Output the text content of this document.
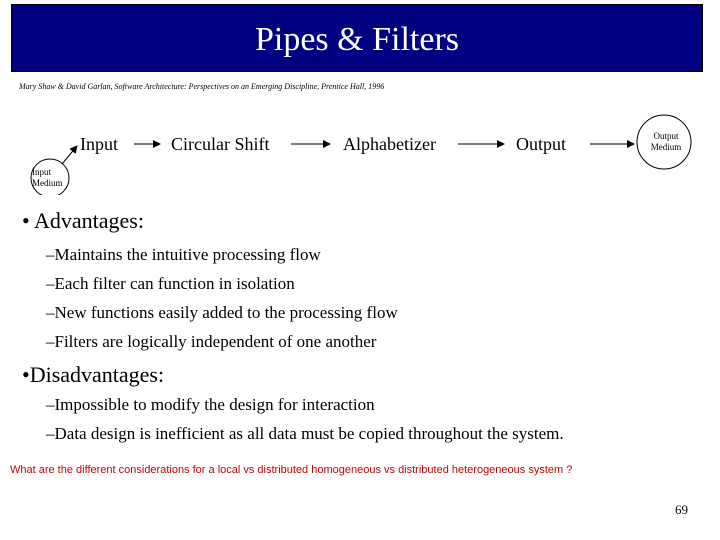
Pipes & Filters
Mary Shaw & David Garlan, Software Architecture: Perspectives on an Emerging Discipline, Prentice Hall, 1996
Input	Circular Shift	Alphabetizer	Output
Input
Medium
Output
Medium
• Advantages:
–Maintains the intuitive processing flow
–Each filter can function in isolation
–New functions easily added to the processing flow
–Filters are logically independent of one another
•Disadvantages:
–Impossible to modify the design for interaction
–Data design is inefficient as all data must be copied throughout the system.
What are the different considerations for a local vs distributed homogeneous vs distributed heterogeneous system ?
69
